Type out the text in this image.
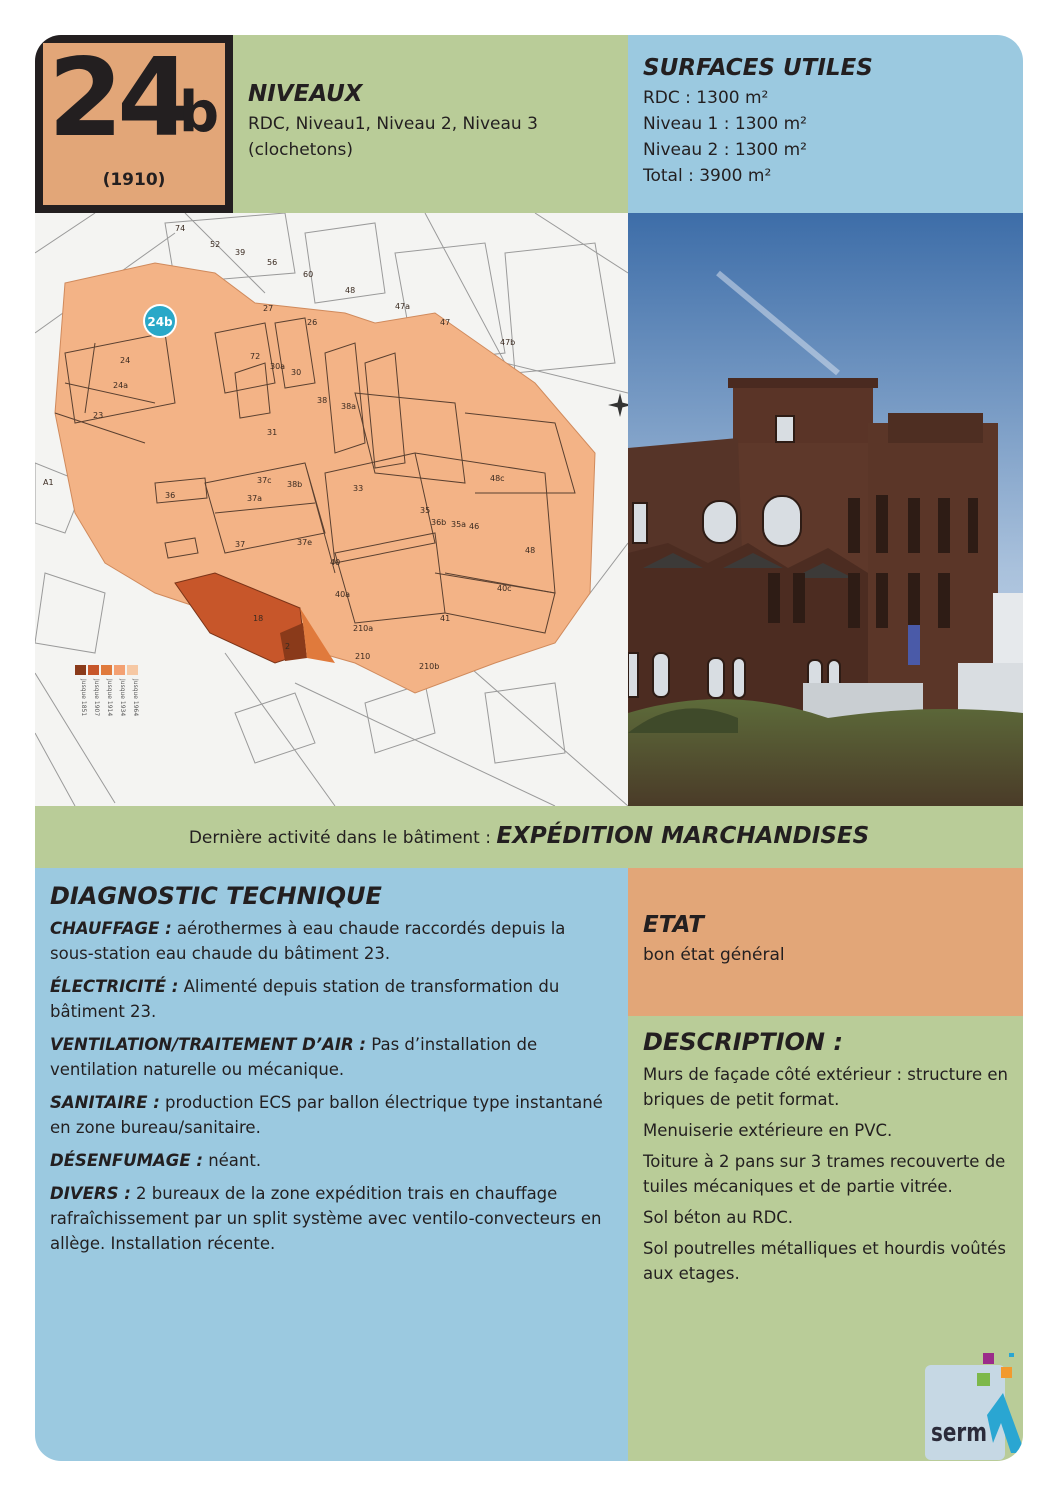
24
b
(1910)
NIVEAUX
RDC, Niveau1, Niveau 2, Niveau 3 (clochetons)
SURFACES UTILES
RDC : 1300 m²
Niveau 1 : 1300 m²
Niveau 2 : 1300 m²
Total : 3900 m²
74
52
39
56
60
48
47a
47
47b
27
26
72
30a
30
24
24a
23
A1
36
31
38
38a
37c 38b	33
35
36b 35a 46
48c
48
37a
37	37e
40
40a
40c
41
210
210a
210b
18
2
24b
Jusque 1851 Jusque 1907 Jusque 1914 Jusque 1934 Jusque 1964
Dernière activité dans le bâtiment : EXPÉDITION MARCHANDISES
DIAGNOSTIC TECHNIQUE

CHAUFFAGE : aérothermes à eau chaude raccordés depuis la sous-station eau chaude du bâtiment 23.

ÉLECTRICITÉ : Alimenté depuis station de transformation du bâtiment 23.

VENTILATION/TRAITEMENT D’AIR : Pas d’installation de ventilation naturelle ou mécanique.

SANITAIRE : production ECS par ballon électrique type instantané en zone bureau/sanitaire.

DÉSENFUMAGE : néant.

DIVERS : 2 bureaux de la zone expédition trais en chauffage rafraîchissement par un split système avec ventilo-convecteurs en allège. Installation récente.

ETAT
bon état général
DESCRIPTION :

Murs de façade côté extérieur : structure en briques de petit format.

Menuiserie extérieure en PVC.

Toiture à 2 pans sur 3 trames recouverte de tuiles mécaniques et de partie vitrée.

Sol béton au RDC.

Sol poutrelles métalliques et hourdis voûtés aux etages.

serm
